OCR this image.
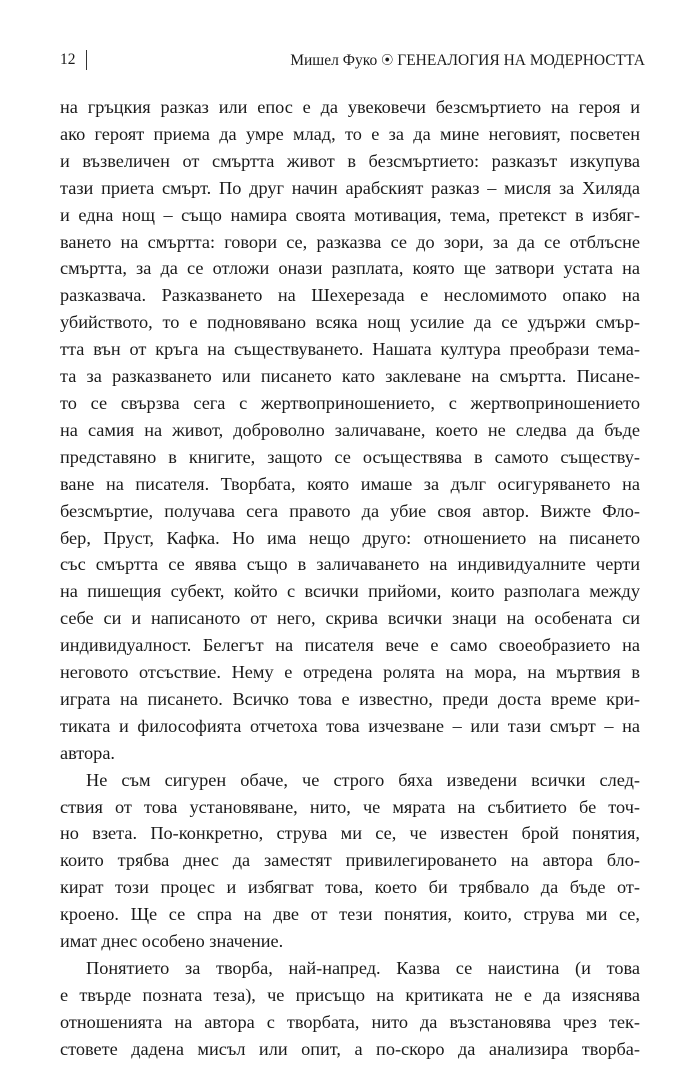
12	Мишел Фуко ⦿ ГЕНЕАЛОГИЯ НА МОДЕРНОСТТА

на гръцкия разказ или епос е да увековечи безсмъртието на героя и

ако героят приема да умре млад, то е за да мине неговият, посветен

и възвеличен от смъртта живот в безсмъртието: разказът изкупува

тази приета смърт. По друг начин арабският разказ – мисля за Хиляда

и една нощ – също намира своята мотивация, тема, претекст в избяг-

ването на смъртта: говори се, разказва се до зори, за да се отблъсне

смъртта, за да се отложи онази разплата, която ще затвори устата на

разказвача. Разказването на Шехерезада е несломимото опако на

убийството, то е подновявано всяка нощ усилие да се удържи смър-

тта вън от кръга на съществуването. Нашата култура преобрази тема-

та за разказването или писането като заклеване на смъртта. Писане-

то се свързва сега с жертвоприношението, с жертвоприношението

на самия на живот, доброволно заличаване, което не следва да бъде

представяно в книгите, защото се осъществява в самото съществу-

ване на писателя. Творбата, която имаше за дълг осигуряването на

безсмъртие, получава сега правото да убие своя автор. Вижте Фло-

бер, Пруст, Кафка. Но има нещо друго: отношението на писането

със смъртта се явява също в заличаването на индивидуалните черти

на пишещия субект, който с всички прийоми, които разполага между

себе си и написаното от него, скрива всички знаци на особената си

индивидуалност. Белегът на писателя вече е само своеобразието на

неговото отсъствие. Нему е отредена ролята на мора, на мъртвия в

играта на писането. Всичко това е известно, преди доста време кри-

тиката и философията отчетоха това изчезване – или тази смърт – на

автора.

Не съм сигурен обаче, че строго бяха изведени всички след-

ствия от това установяване, нито, че мярата на събитието бе точ-

но взета. По-конкретно, струва ми се, че известен брой понятия,

които трябва днес да заместят привилегироването на автора бло-

кират този процес и избягват това, което би трябвало да бъде от-

кроено. Ще се спра на две от тези понятия, които, струва ми се,

имат днес особено значение.

Понятието за творба, най-напред. Казва се наистина (и това

е твърде позната теза), че присъщо на критиката не е да изяснява

отношенията на автора с творбата, нито да възстановява чрез тек-

стовете дадена мисъл или опит, а по-скоро да анализира творба-
